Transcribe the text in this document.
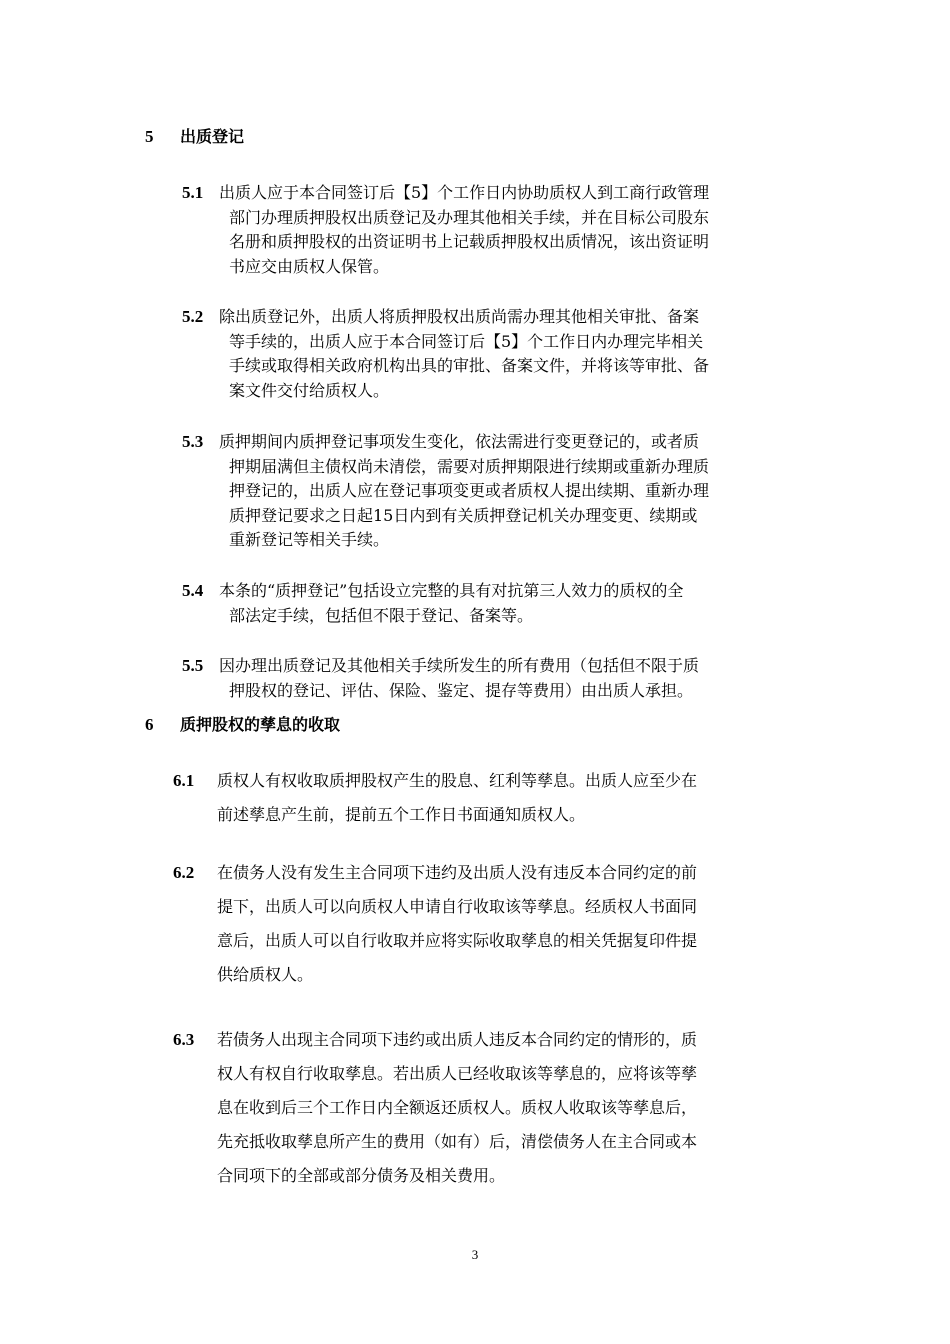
5 出质登记
5.1 出质人应于本合同签订后【5】个工作日内协助质权人到工商行政管理
部门办理质押股权出质登记及办理其他相关手续，并在目标公司股东
名册和质押股权的出资证明书上记载质押股权出质情况，该出资证明
书应交由质权人保管。
5.2 除出质登记外，出质人将质押股权出质尚需办理其他相关审批、备案
等手续的，出质人应于本合同签订后【5】个工作日内办理完毕相关
手续或取得相关政府机构出具的审批、备案文件，并将该等审批、备
案文件交付给质权人。
5.3 质押期间内质押登记事项发生变化，依法需进行变更登记的，或者质
押期届满但主债权尚未清偿，需要对质押期限进行续期或重新办理质
押登记的，出质人应在登记事项变更或者质权人提出续期、重新办理
质押登记要求之日起15日内到有关质押登记机关办理变更、续期或
重新登记等相关手续。
5.4 本条的“质押登记”包括设立完整的具有对抗第三人效力的质权的全
部法定手续，包括但不限于登记、备案等。
5.5 因办理出质登记及其他相关手续所发生的所有费用（包括但不限于质
押股权的登记、评估、保险、鉴定、提存等费用）由出质人承担。
6 质押股权的孳息的收取
6.1	质权人有权收取质押股权产生的股息、红利等孳息。出质人应至少在
前述孳息产生前，提前五个工作日书面通知质权人。
6.2	在债务人没有发生主合同项下违约及出质人没有违反本合同约定的前
提下，出质人可以向质权人申请自行收取该等孳息。经质权人书面同
意后，出质人可以自行收取并应将实际收取孳息的相关凭据复印件提
供给质权人。
6.3	若债务人出现主合同项下违约或出质人违反本合同约定的情形的，质
权人有权自行收取孳息。若出质人已经收取该等孳息的，应将该等孳
息在收到后三个工作日内全额返还质权人。质权人收取该等孳息后，
先充抵收取孳息所产生的费用（如有）后，清偿债务人在主合同或本
合同项下的全部或部分债务及相关费用。
3
